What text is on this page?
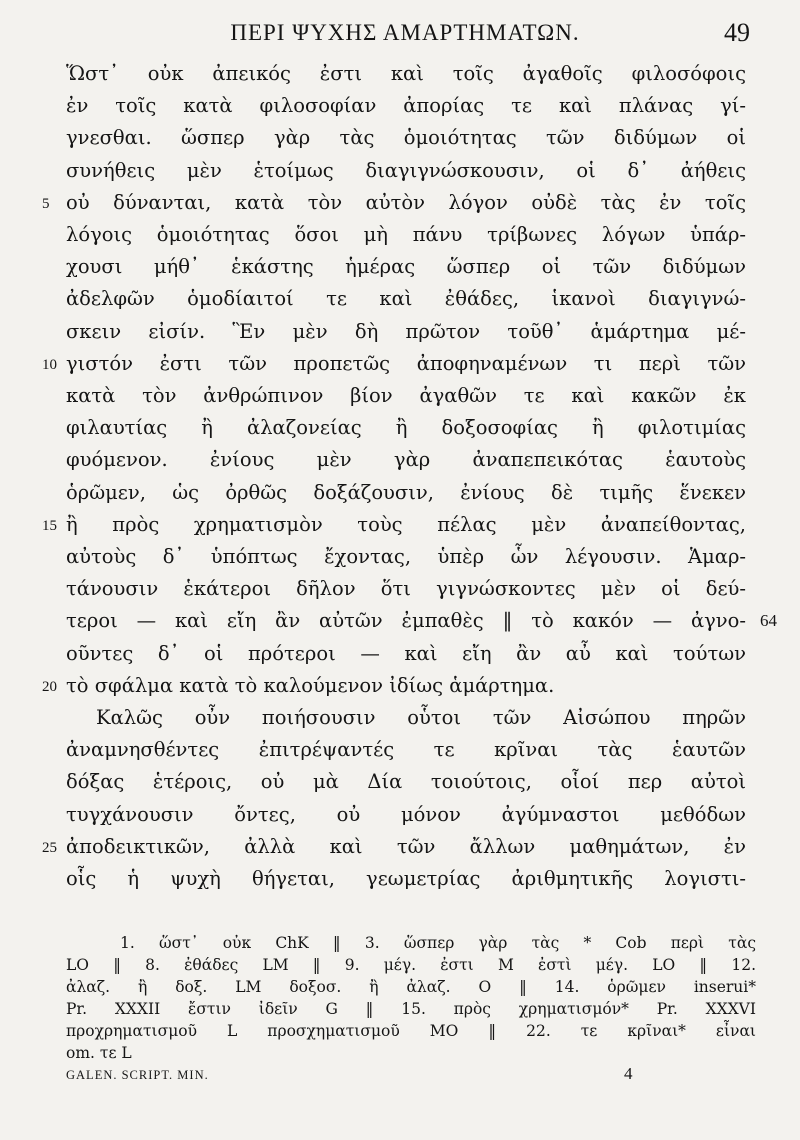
ΠΕΡΙ ΨΥΧΗΣ ΑΜΑΡΤΗΜΑΤΩΝ.	49
Ὥστ᾽ οὐκ ἀπεικός ἐστι καὶ τοῖς ἀγαθοῖς φιλοσόφοις
ἐν τοῖς κατὰ φιλοσοφίαν ἀπορίας τε καὶ πλάνας γί-
γνεσθαι. ὥσπερ γὰρ τὰς ὁμοιότητας τῶν διδύμων οἱ
συνήθεις μὲν ἑτοίμως διαγιγνώσκουσιν, οἱ δ᾽ ἀήθεις
οὐ δύνανται, κατὰ τὸν αὐτὸν λόγον οὐδὲ τὰς ἐν τοῖς
5
λόγοις ὁμοιότητας ὅσοι μὴ πάνυ τρίβωνες λόγων ὑπάρ-
χουσι μήθ᾽ ἑκάστης ἡμέρας ὥσπερ οἱ τῶν διδύμων
ἀδελφῶν ὁμοδίαιτοί τε καὶ ἐθάδες, ἱκανοὶ διαγιγνώ-
σκειν εἰσίν. Ἓν μὲν δὴ πρῶτον τοῦθ᾽ ἁμάρτημα μέ-
γιστόν ἐστι τῶν προπετῶς ἀποφηναμένων τι περὶ τῶν
10
κατὰ τὸν ἀνθρώπινον βίον ἀγαθῶν τε καὶ κακῶν ἐκ
φιλαυτίας ἢ ἀλαζονείας ἢ δοξοσοφίας ἢ φιλοτιμίας
φυόμενον. ἐνίους μὲν γὰρ ἀναπεπεικότας ἑαυτοὺς
ὁρῶμεν, ὡς ὀρθῶς δοξάζουσιν, ἐνίους δὲ τιμῆς ἕνεκεν
ἢ πρὸς χρηματισμὸν τοὺς πέλας μὲν ἀναπείθοντας,
15
αὐτοὺς δ᾽ ὑπόπτως ἔχοντας, ὑπὲρ ὧν λέγουσιν. Ἁμαρ-
τάνουσιν ἑκάτεροι δῆλον ὅτι γιγνώσκοντες μὲν οἱ δεύ-
τεροι — καὶ εἴη ἂν αὐτῶν ἐμπαθὲς ‖ τὸ κακόν — ἀγνο- 64
οῦντες δ᾽ οἱ πρότεροι — καὶ εἴη ἂν αὖ καὶ τούτων
τὸ σφάλμα κατὰ τὸ καλούμενον ἰδίως ἁμάρτημα.
20
Καλῶς οὖν ποιήσουσιν οὗτοι τῶν Αἰσώπου πηρῶν
ἀναμνησθέντες ἐπιτρέψαντές τε κρῖναι τὰς ἑαυτῶν
δόξας ἑτέροις, οὐ μὰ Δία τοιούτοις, οἷοί περ αὐτοὶ
τυγχάνουσιν ὄντες, οὐ μόνον ἀγύμναστοι μεθόδων
ἀποδεικτικῶν, ἀλλὰ καὶ τῶν ἄλλων μαθημάτων, ἐν
25
οἷς ἡ ψυχὴ θήγεται, γεωμετρίας ἀριθμητικῆς λογιστι-
1. ὥστ᾽ οὐκ ChK ‖ 3. ὥσπερ γὰρ τὰς * Cob περὶ τὰς
LO ‖ 8. ἐθάδες LM ‖ 9. μέγ. ἐστι M ἐστὶ μέγ. LO ‖ 12.
ἀλαζ. ἢ δοξ. LM δοξοσ. ἢ ἀλαζ. O ‖ 14. ὁρῶμεν inserui*
Pr. XXXII ἔστιν ἰδεῖν G ‖ 15. πρὸς χρηματισμόν* Pr. XXXVI
προχρηματισμοῦ L προσχηματισμοῦ MO ‖ 22. τε κρῖναι* εἶναι
om. τε L
GALEN. SCRIPT. MIN.	4
